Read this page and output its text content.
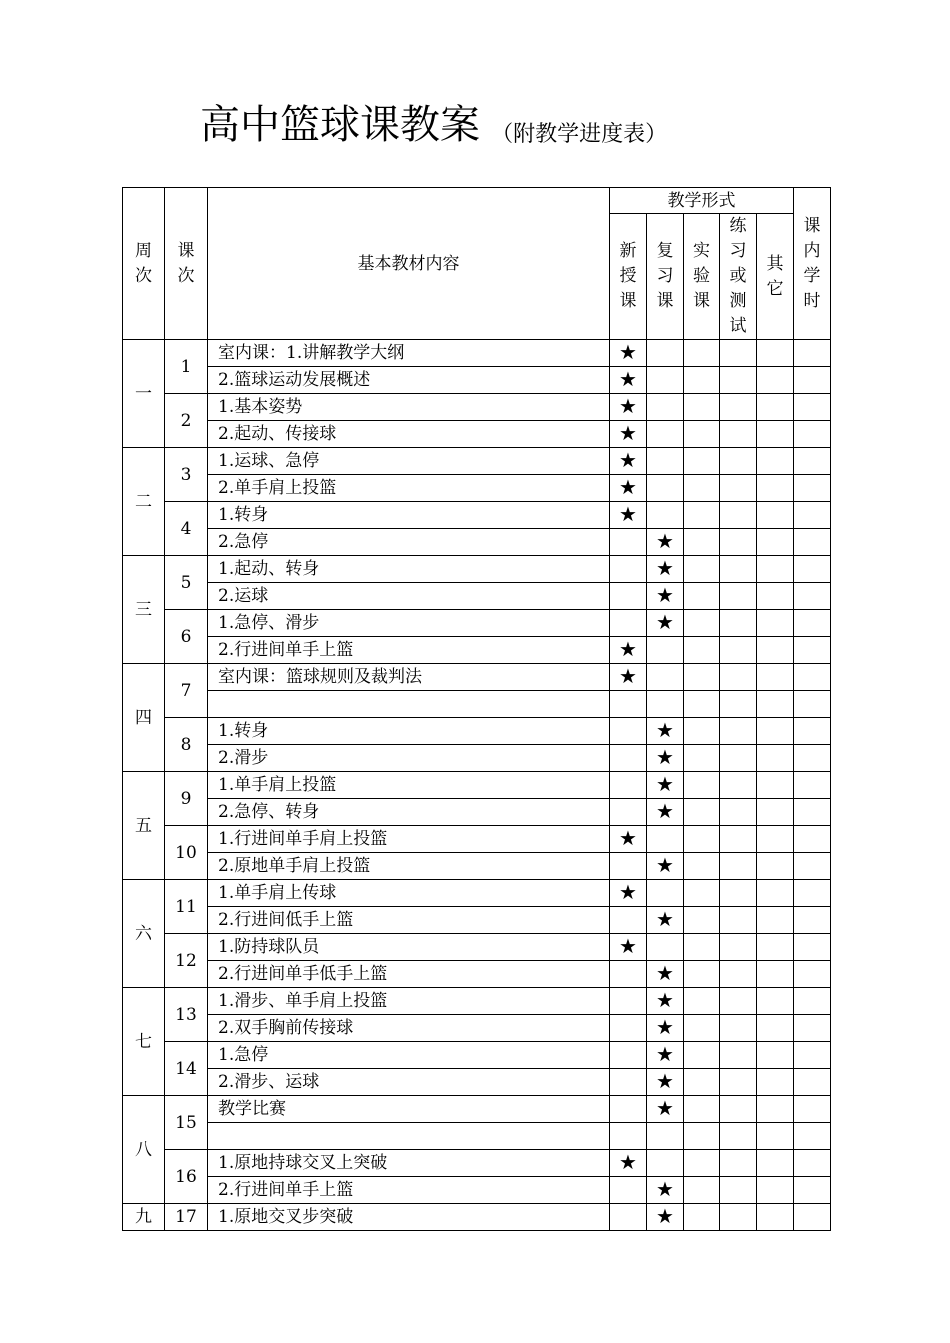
高中篮球课教案 （附教学进度表）
周次	课次	基本教材内容	教学形式					课内学时
			新授课	复习课	实验课	练习或测试	其它	
一	1	室内课：1.讲解教学大纲	★					
		2.篮球运动发展概述	★					
	2	1.基本姿势	★					
		2.起动、传接球	★					
二	3	1.运球、急停	★					
		2.单手肩上投篮	★					
	4	1.转身	★					
		2.急停		★				
三	5	1.起动、转身		★				
		2.运球		★				
	6	1.急停、滑步		★				
		2.行进间单手上篮	★					
四	7	室内课：篮球规则及裁判法	★					

	8	1.转身		★				
		2.滑步		★				
五	9	1.单手肩上投篮		★				
		2.急停、转身		★				
	10	1.行进间单手肩上投篮	★					
		2.原地单手肩上投篮		★				
六	11	1.单手肩上传球	★					
		2.行进间低手上篮		★				
	12	1.防持球队员	★					
		2.行进间单手低手上篮		★				
七	13	1.滑步、单手肩上投篮		★				
		2.双手胸前传接球		★				
	14	1.急停		★				
		2.滑步、运球		★				
八	15	教学比赛		★				

	16	1.原地持球交叉上突破	★					
		2.行进间单手上篮		★				
九	17	1.原地交叉步突破		★				
